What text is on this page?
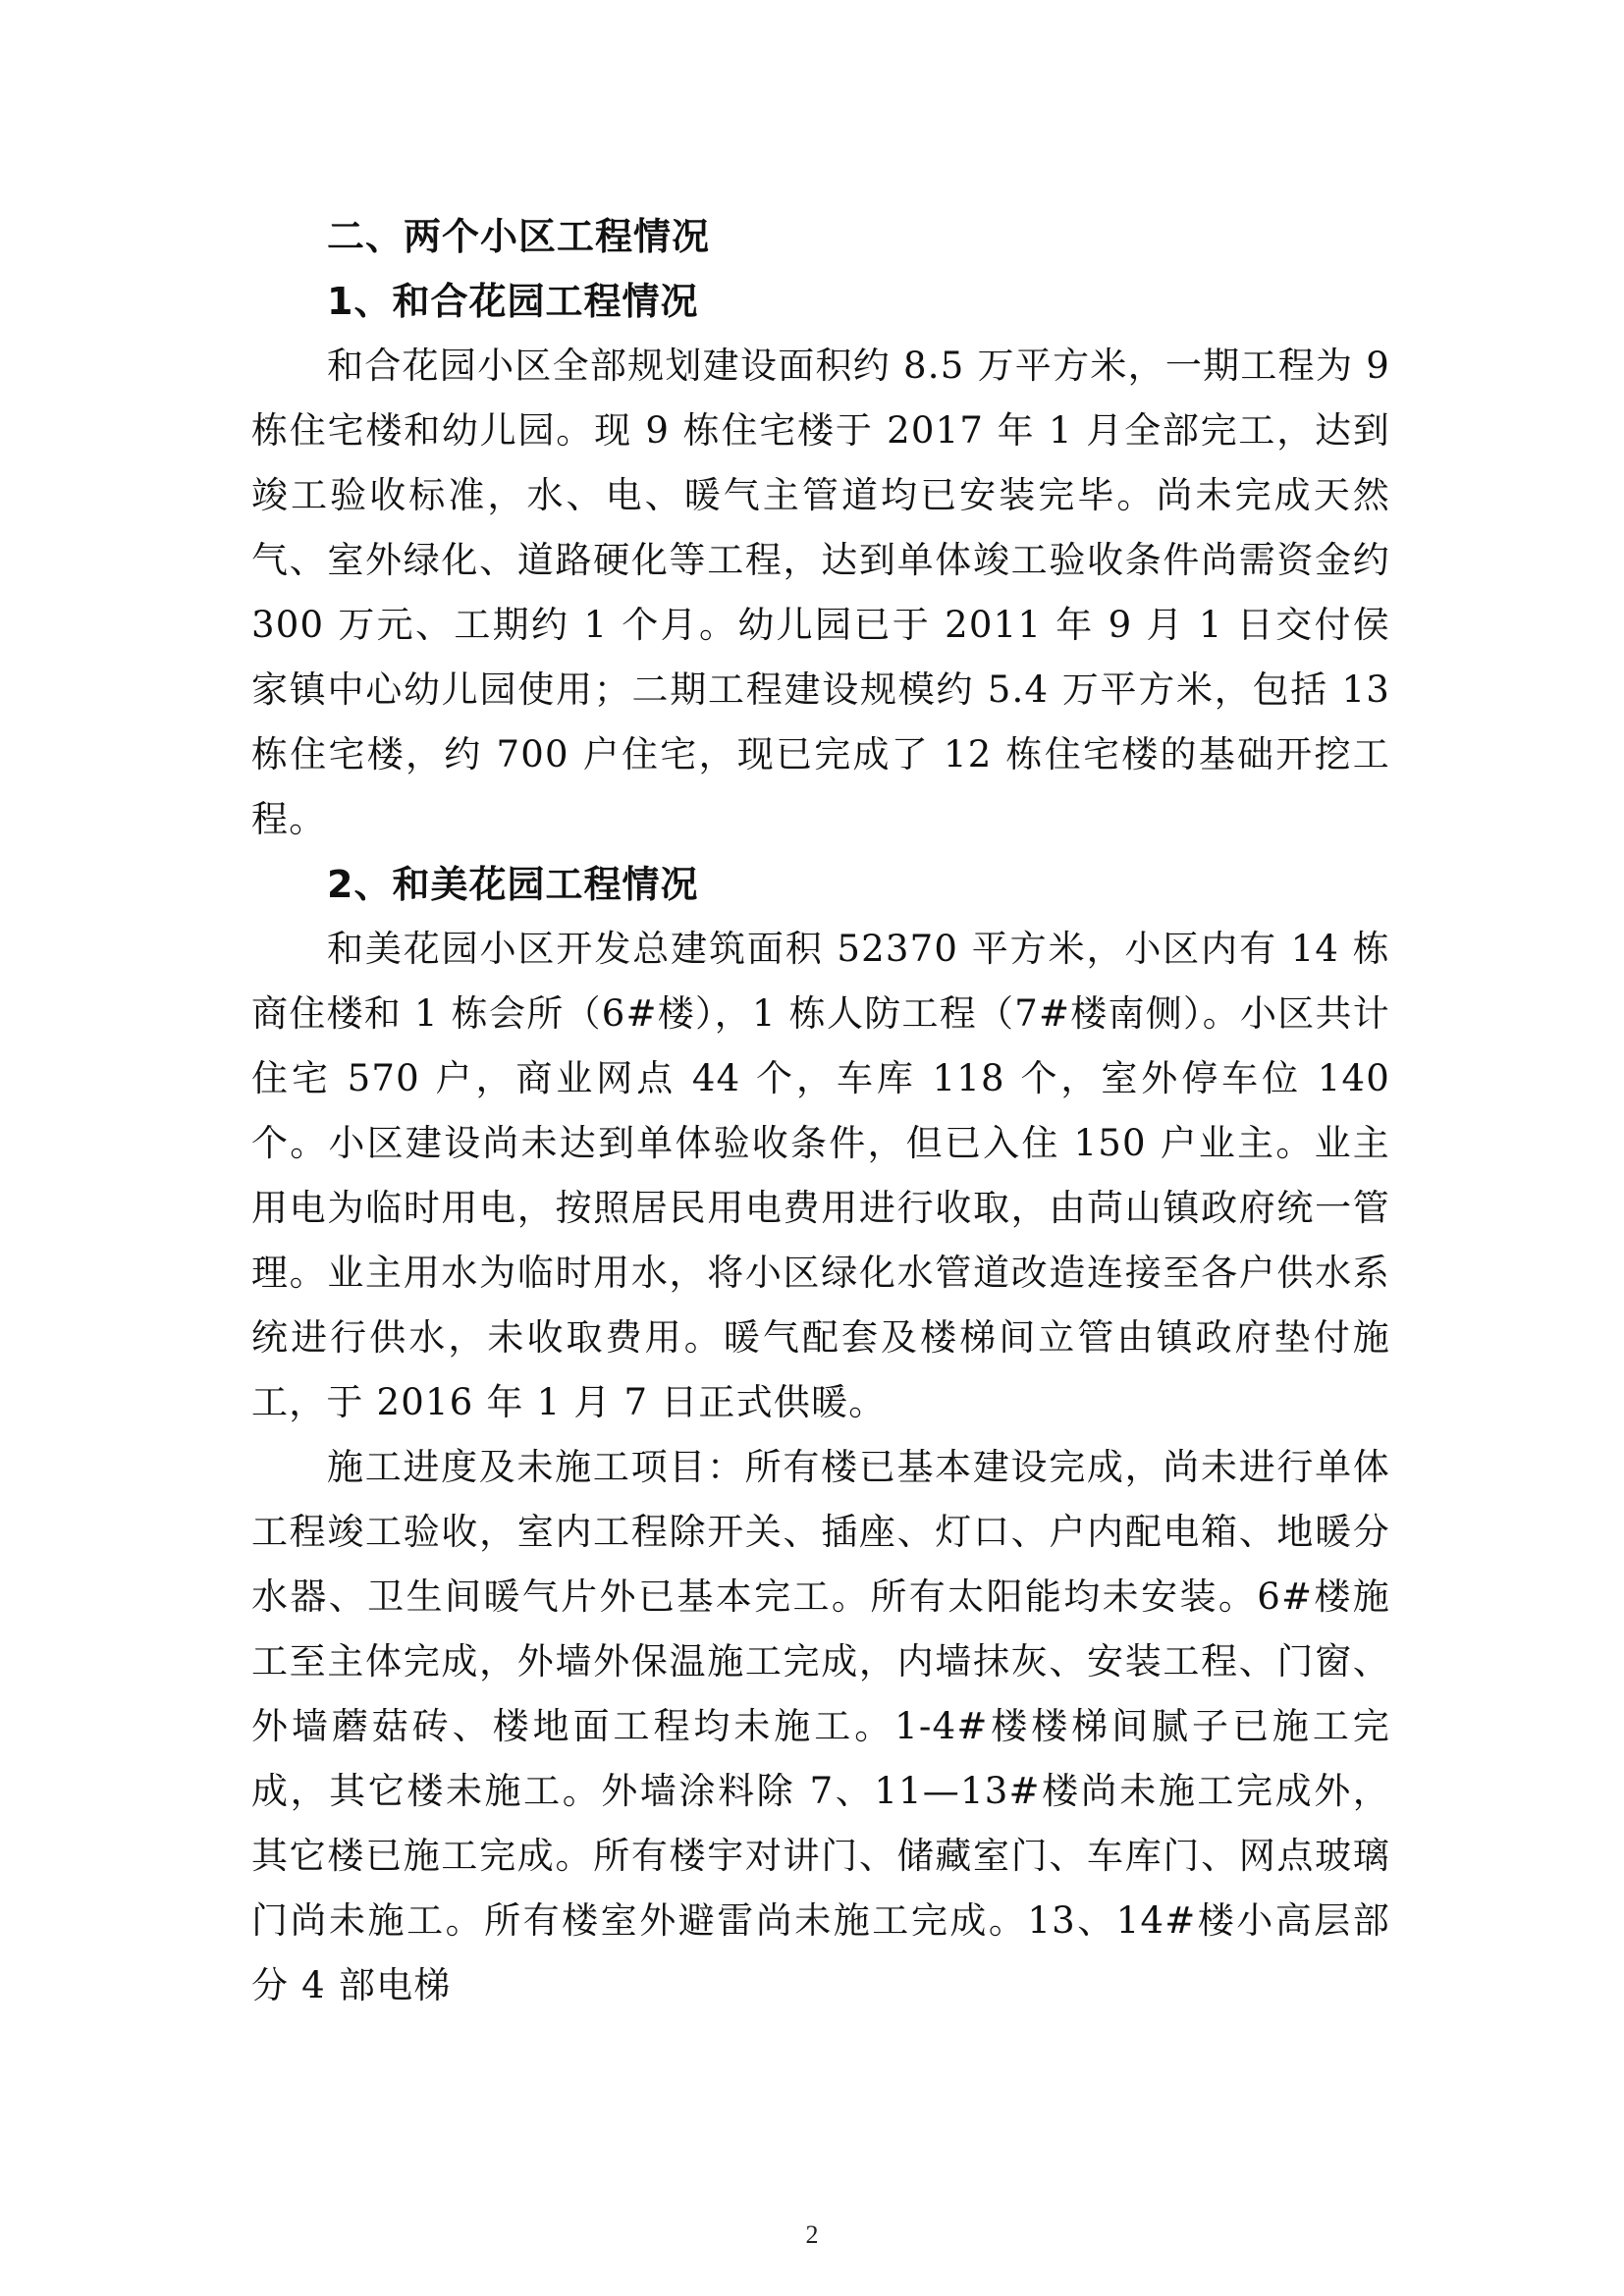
二、两个小区工程情况

1、和合花园工程情况

和合花园小区全部规划建设面积约 8.5 万平方米，一期工程为 9 栋住宅楼和幼儿园。现 9 栋住宅楼于 2017 年 1 月全部完工，达到竣工验收标准，水、电、暖气主管道均已安装完毕。尚未完成天然气、室外绿化、道路硬化等工程，达到单体竣工验收条件尚需资金约 300 万元、工期约 1 个月。幼儿园已于 2011 年 9 月 1 日交付侯家镇中心幼儿园使用；二期工程建设规模约 5.4 万平方米，包括 13 栋住宅楼，约 700 户住宅，现已完成了 12 栋住宅楼的基础开挖工程。

2、和美花园工程情况

和美花园小区开发总建筑面积 52370 平方米，小区内有 14 栋商住楼和 1 栋会所（6#楼），1 栋人防工程（7#楼南侧）。小区共计住宅 570 户，商业网点 44 个，车库 118 个，室外停车位 140 个。小区建设尚未达到单体验收条件，但已入住 150 户业主。业主用电为临时用电，按照居民用电费用进行收取，由苘山镇政府统一管理。业主用水为临时用水，将小区绿化水管道改造连接至各户供水系统进行供水，未收取费用。暖气配套及楼梯间立管由镇政府垫付施工，于 2016 年 1 月 7 日正式供暖。

施工进度及未施工项目：所有楼已基本建设完成，尚未进行单体工程竣工验收，室内工程除开关、插座、灯口、户内配电箱、地暖分水器、卫生间暖气片外已基本完工。所有太阳能均未安装。6#楼施工至主体完成，外墙外保温施工完成，内墙抹灰、安装工程、门窗、外墙蘑菇砖、楼地面工程均未施工。1-4#楼楼梯间腻子已施工完成，其它楼未施工。外墙涂料除 7、11—13#楼尚未施工完成外，其它楼已施工完成。所有楼宇对讲门、储藏室门、车库门、网点玻璃门尚未施工。所有楼室外避雷尚未施工完成。13、14#楼小高层部分 4 部电梯

2
